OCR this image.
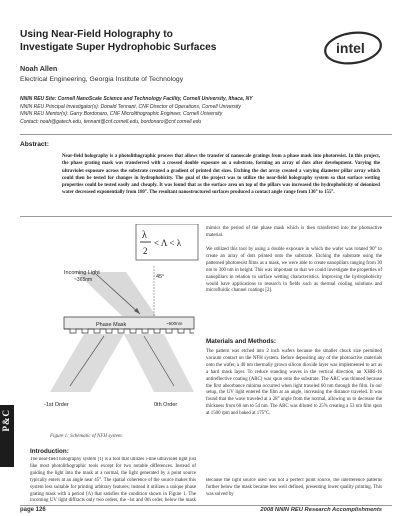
Using Near-Field Holography to
Investigate Super Hydrophobic Surfaces	intel
Noah Allen
Electrical Engineering, Georgia Institute of Technology
NNIN REU Site: Cornell NanoScale Science and Technology Facility, Cornell University, Ithaca, NY
NNIN REU Principal Investigator(s): Donald Tennant, CNF Director of Operations, Cornell University
NNIN REU Mentor(s): Garry Bordonaro, CNF Microlithographic Engineer, Cornell University
Contact: noah@gatech.edu, tennant@cnf.cornell.edu, bordonaro@cnf.cornell.edu
Abstract:
Near-field holography is a photolithographic process that allows the transfer of nanoscale gratings from a phase mask into photoresist. In this project, the phase grating mask was transferred with a crossed double exposure on a substrate, forming an array of dots after development. Varying the ultraviolet exposure across the substrate created a gradient of printed dot sizes. Etching the dot array created a varying diameter pillar array which could then be tested for changes in hydrophobicity. The goal of the project was to utilize the near-field holography system so that surface wetting properties could be tested easily and cheaply. It was found that as the surface area on top of the pillars was increased the hydrophobicity of deionized water decreased exponentially from 180°. The resultant nanostructured surfaces produced a contact angle range from 130° to 155°.
λ
2
< Λ < λ
Incoming Light
~365nm	45°
Phase Mask	~500nm
-1st Order	0th Order
Figure 1: Schematic of NFH system.
Introduction:
The near-field holography system [1] is a tool that utilizes i-line ultraviolet light just like most photolithographic tools except for two notable differences. Instead of guiding the light into the mask at a normal, the light generated by a point source typically enters at an angle near 45°. The spatial coherence of the source makes this system less suitable for printing arbitrary features; instead it utilizes a unique phase grating mask with a period (Λ) that satisfies the condition shown in Figure 1. The incoming UV light diffracts only two orders, the -1st and 0th order, below the mask
mimics the period of the phase mask which is then transferred into the photoactive material.
We utilized this tool by using a double exposure in which the wafer was rotated 90° to create an array of dots printed onto the substrate. Etching the substrate using the patterned photoresist films as a mask, we were able to create nanopillars ranging from 30 nm to 300 nm in height. This was important so that we could investigate the properties of nanopillars in relation to surface wetting characteristics. Improving the hydrophobicity would have applications to research in fields such as thermal cooling solutions and microfluidic channel coatings [2].
Materials and Methods:
The pattern was etched into 2 inch wafers because the smaller chuck size permitted vacuum contact on the NFH system. Before depositing any of the photoactive materials onto the wafer, a 40 nm thermally grown silicon dioxide layer was implemented to act as a hard mask layer. To reduce standing waves in the vertical direction, an XHRi-16 antireflective coating (ARC) was spun onto the substrate. The ARC was thinned because the first absorbance minima occurred when light traveled 60 nm through the film. In our setup, the UV light entered the film at an angle, increasing the distance traveled. It was found that the wave traveled at a 28° angle from the normal, allowing us to decrease the thickness from 60 nm to 54 nm. The ARC was diluted to 25% creating a 53 nm film spun at 1500 rpm and baked at 175°C.
Because the light source used was not a perfect point source, the interference patterns further below the mask became less well defined, presenting lower quality printing. This was solved by
P&C
page 126	2008 NNIN REU Research Accomplishments
